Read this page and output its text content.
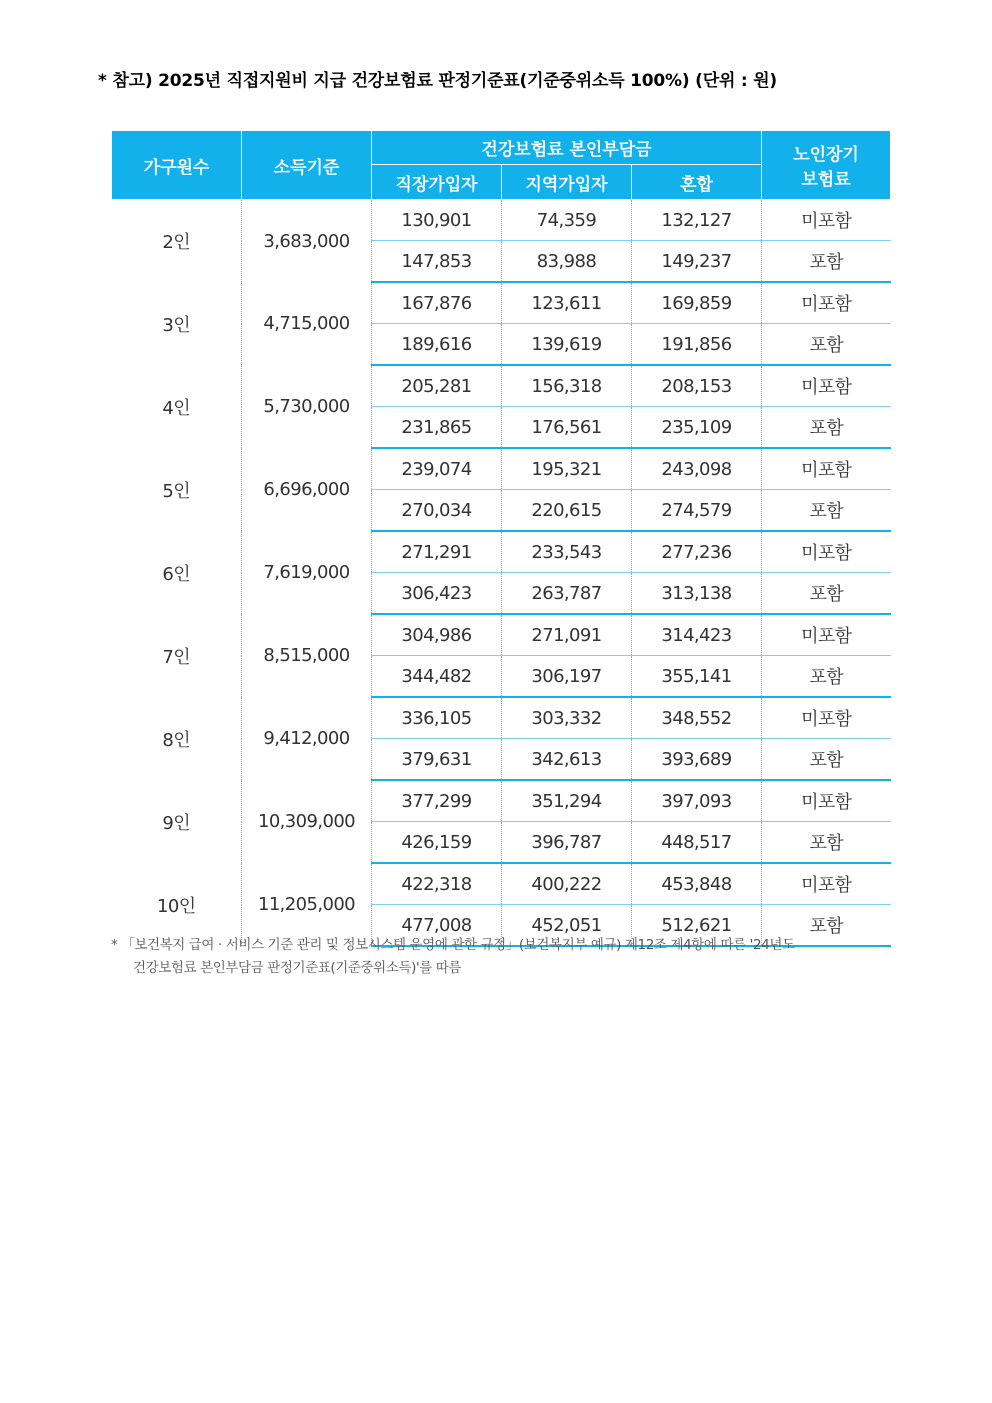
* 참고) 2025년 직접지원비 지급 건강보험료 판정기준표(기준중위소득 100%) (단위 : 원)
가구원수	소득기준	건강보험료 본인부담금			노인장기
보험료
		직장가입자	지역가입자	혼합	
2인	3,683,000	130,901	74,359	132,127	미포함
		147,853	83,988	149,237	포함
3인	4,715,000	167,876	123,611	169,859	미포함
		189,616	139,619	191,856	포함
4인	5,730,000	205,281	156,318	208,153	미포함
		231,865	176,561	235,109	포함
5인	6,696,000	239,074	195,321	243,098	미포함
		270,034	220,615	274,579	포함
6인	7,619,000	271,291	233,543	277,236	미포함
		306,423	263,787	313,138	포함
7인	8,515,000	304,986	271,091	314,423	미포함
		344,482	306,197	355,141	포함
8인	9,412,000	336,105	303,332	348,552	미포함
		379,631	342,613	393,689	포함
9인	10,309,000	377,299	351,294	397,093	미포함
		426,159	396,787	448,517	포함
10인	11,205,000	422,318	400,222	453,848	미포함
		477,008	452,051	512,621	포함
* 「보건복지 급여 · 서비스 기준 관리 및 정보시스템 운영에 관한 규정」(보건복지부 예규) 제12조 제4항에 따른 '24년도
건강보험료 본인부담금 판정기준표(기준중위소득)'를 따름
